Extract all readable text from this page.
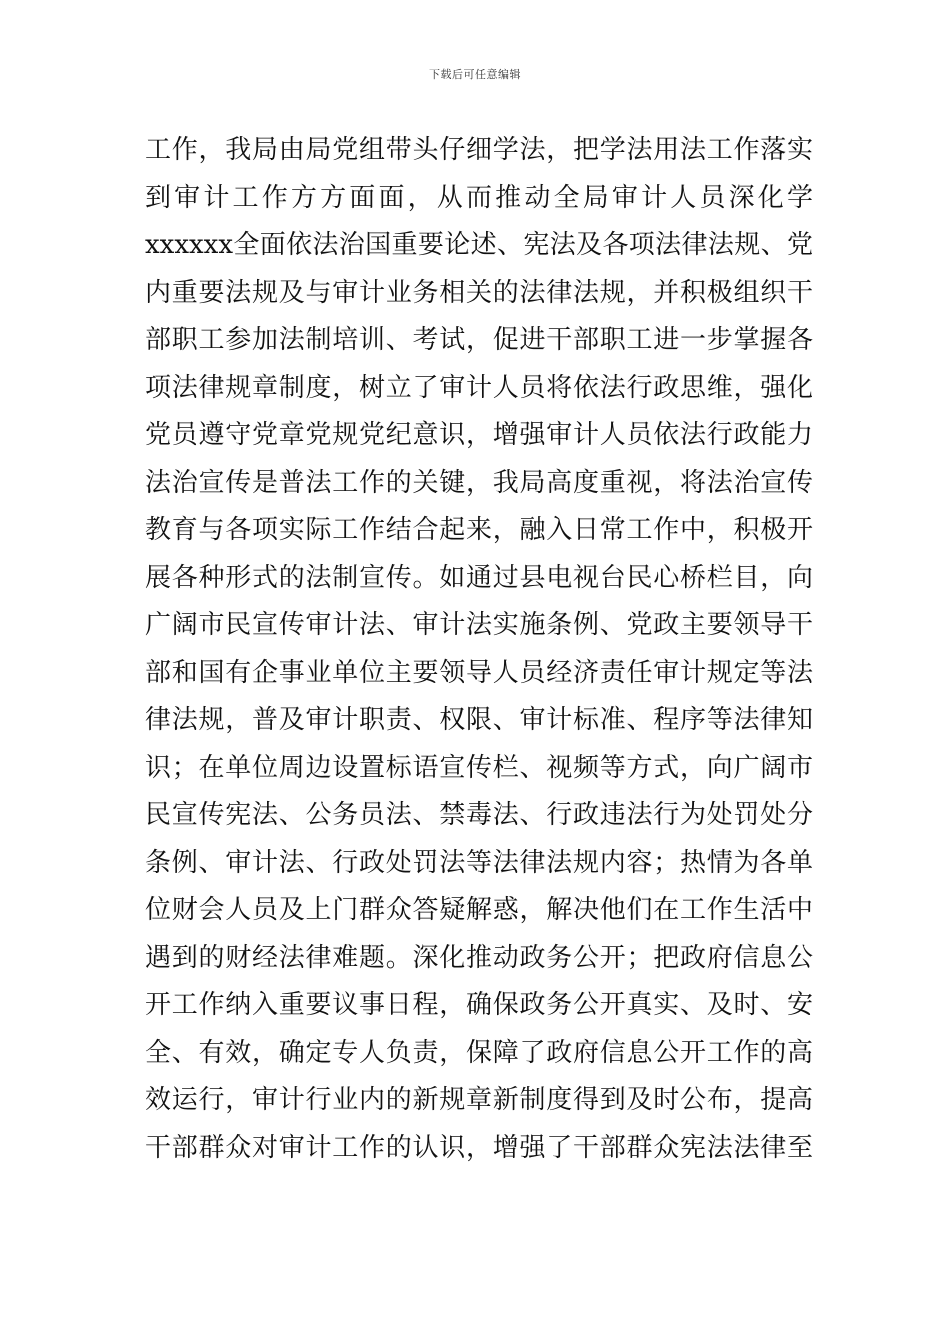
下载后可任意编辑
工作，我局由局党组带头仔细学法，把学法用法工作落实
到审计工作方方面面，从而推动全局审计人员深化学
xxxxxx全面依法治国重要论述、宪法及各项法律法规、党
内重要法规及与审计业务相关的法律法规，并积极组织干
部职工参加法制培训、考试，促进干部职工进一步掌握各
项法律规章制度，树立了审计人员将依法行政思维，强化
党员遵守党章党规党纪意识，增强审计人员依法行政能力
法治宣传是普法工作的关键，我局高度重视，将法治宣传
教育与各项实际工作结合起来，融入日常工作中，积极开
展各种形式的法制宣传。如通过县电视台民心桥栏目，向
广阔市民宣传审计法、审计法实施条例、党政主要领导干
部和国有企事业单位主要领导人员经济责任审计规定等法
律法规，普及审计职责、权限、审计标准、程序等法律知
识；在单位周边设置标语宣传栏、视频等方式，向广阔市
民宣传宪法、公务员法、禁毒法、行政违法行为处罚处分
条例、审计法、行政处罚法等法律法规内容；热情为各单
位财会人员及上门群众答疑解惑，解决他们在工作生活中
遇到的财经法律难题。深化推动政务公开；把政府信息公
开工作纳入重要议事日程，确保政务公开真实、及时、安
全、有效，确定专人负责，保障了政府信息公开工作的高
效运行，审计行业内的新规章新制度得到及时公布，提高
干部群众对审计工作的认识，增强了干部群众宪法法律至
